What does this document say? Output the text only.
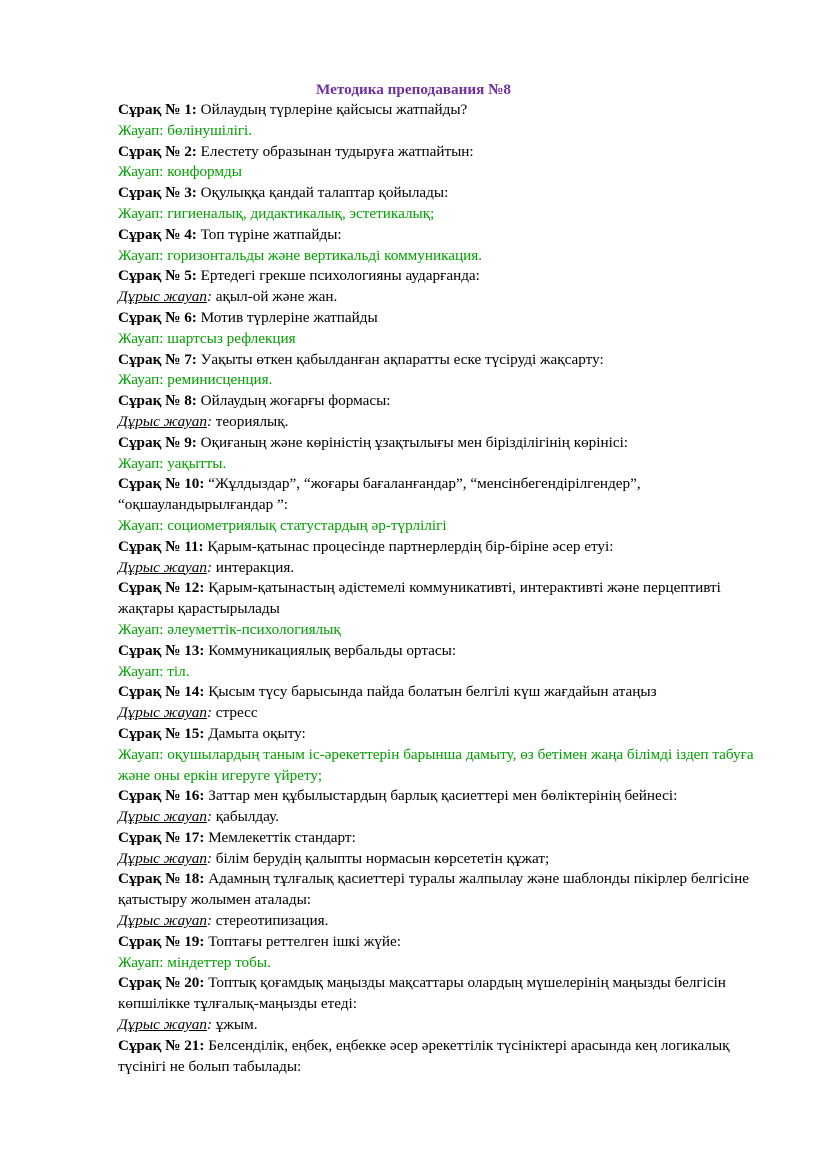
Методика преподавания №8
Сұрақ № 1: Ойлаудың түрлеріне қайсысы жатпайды?
Жауап: бөлінушілігі.
Сұрақ № 2: Елестету образынан тудыруға жатпайтын:
Жауап: конформды
Сұрақ № 3: Оқулыққа қандай талаптар қойылады:
Жауап: гигиеналық, дидактикалық, эстетикалық;
Сұрақ № 4: Топ түріне жатпайды:
Жауап: горизонтальды және вертикальді коммуникация.
Сұрақ № 5: Ертедегі грекше психологияны аударғанда:
Дұрыс жауап: ақыл-ой және жан.
Сұрақ № 6: Мотив түрлеріне жатпайды
Жауап: шартсыз рефлекция
Сұрақ № 7: Уақыты өткен қабылданған ақпаратты еске түсіруді жақсарту:
Жауап: реминисценция.
Сұрақ № 8: Ойлаудың жоғарғы формасы:
Дұрыс жауап: теориялық.
Сұрақ № 9: Оқиғаның және көріністің ұзақтылығы мен біріздiлігінің көрінісі:
Жауап: уақытты.
Сұрақ № 10: “Жұлдыздар”, “жоғары бағаланғандар”, “менсінбегендірілгендер”, “оқшауландырылғандар ”:
Жауап: социометриялық статустардың әр-түрлілігі
Сұрақ № 11: Қарым-қатынас процесінде партнерлердің бір-біріне әсер етуі:
Дұрыс жауап: интеракция.
Сұрақ № 12: Қарым-қатынастың әдістемелі коммуникативті, интерактивті және перцептивті жақтары қарастырылады
Жауап: әлеуметтік-психологиялық
Сұрақ № 13: Коммуникациялық вербальды ортасы:
Жауап: тіл.
Сұрақ № 14: Қысым түсу барысында пайда болатын белгілі күш жағдайын атаңыз
Дұрыс жауап: стресс
Сұрақ № 15: Дамыта оқыту:
Жауап: оқушылардың таным іс-әрекеттерін барынша дамыту, өз бетімен жаңа білімді іздеп табуға және оны еркін игеруге үйрету;
Сұрақ № 16: Заттар мен құбылыстардың барлық қасиеттері мен бөліктерінің бейнесі:
Дұрыс жауап: қабылдау.
Сұрақ № 17: Мемлекеттік стандарт:
Дұрыс жауап: білім берудің қалыпты нормасын көрсететін құжат;
Сұрақ № 18: Адамның тұлғалық қасиеттері туралы жалпылау және шаблонды пікірлер белгісіне қатыстыру жолымен аталады:
Дұрыс жауап: стереотипизация.
Сұрақ № 19: Топтағы реттелген ішкі жүйе:
Жауап: міндеттер тобы.
Сұрақ № 20: Топтық қоғамдық маңызды мақсаттары олардың мүшелерінің маңызды белгісін көпшілікке тұлғалық-маңызды етеді:
Дұрыс жауап: ұжым.
Сұрақ № 21: Белсенділік, еңбек, еңбекке әсер әрекеттілік түсініктері арасында кең логикалық түсінігі не болып табылады:
